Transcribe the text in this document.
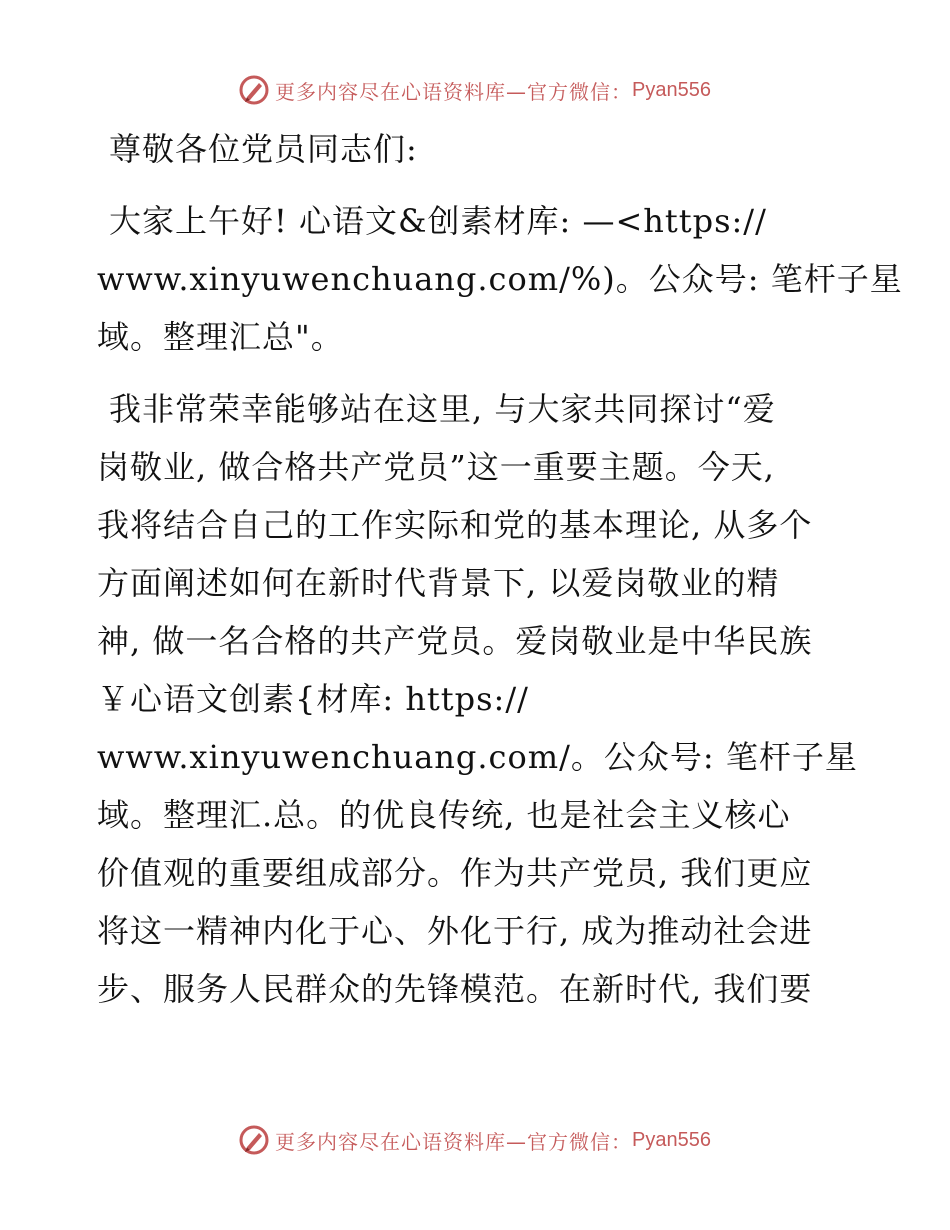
更多内容尽在心语资料库—官方微信： Pyan556
尊敬各位党员同志们:
大家上午好! 心语文&创素材库: —<https://
www.xinyuwenchuang.com/%)。公众号: 笔杆子星
域。整理汇总"。
我非常荣幸能够站在这里, 与大家共同探讨“爱
岗敬业, 做合格共产党员”这一重要主题。今天,
我将结合自己的工作实际和党的基本理论, 从多个
方面阐述如何在新时代背景下, 以爱岗敬业的精
神, 做一名合格的共产党员。爱岗敬业是中华民族
￥心语文创素{材库: https://
www.xinyuwenchuang.com/。公众号: 笔杆子星
域。整理汇.总。的优良传统, 也是社会主义核心
价值观的重要组成部分。作为共产党员, 我们更应
将这一精神内化于心、外化于行, 成为推动社会进
步、服务人民群众的先锋模范。在新时代, 我们要
更多内容尽在心语资料库—官方微信： Pyan556
